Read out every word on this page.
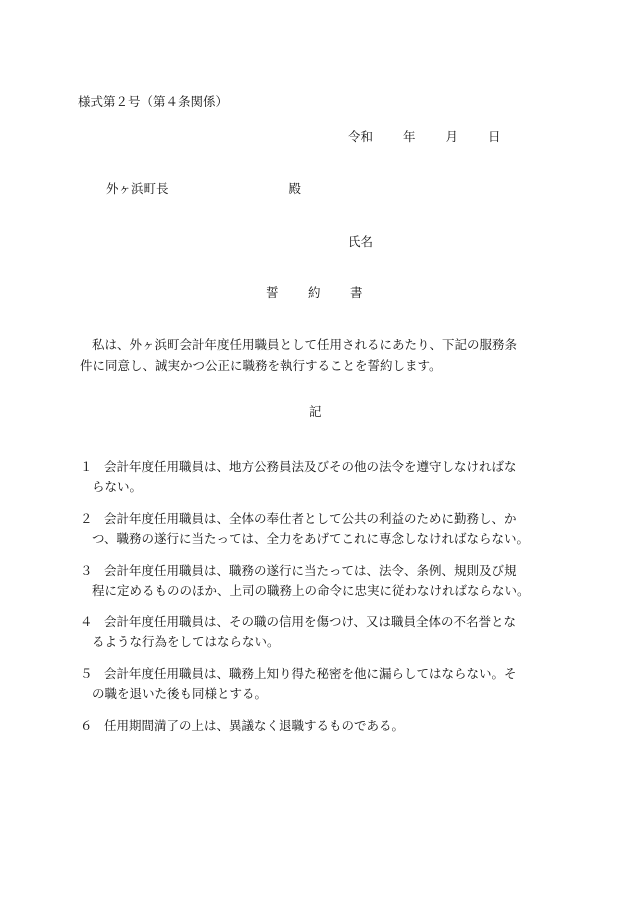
様式第２号（第４条関係）
令和 年 月 日
外ヶ浜町長	殿
氏名
誓 約 書
私は、外ヶ浜町会計年度任用職員として任用されるにあたり、下記の服務条
件に同意し、誠実かつ公正に職務を執行することを誓約します。
記
１ 会計年度任用職員は、地方公務員法及びその他の法令を遵守しなければな
らない。
２ 会計年度任用職員は、全体の奉仕者として公共の利益のために勤務し、か
つ、職務の遂行に当たっては、全力をあげてこれに専念しなければならない。
３ 会計年度任用職員は、職務の遂行に当たっては、法令、条例、規則及び規
程に定めるもののほか、上司の職務上の命令に忠実に従わなければならない。
４ 会計年度任用職員は、その職の信用を傷つけ、又は職員全体の不名誉とな
るような行為をしてはならない。
５ 会計年度任用職員は、職務上知り得た秘密を他に漏らしてはならない。そ
の職を退いた後も同様とする。
６ 任用期間満了の上は、異議なく退職するものである。
